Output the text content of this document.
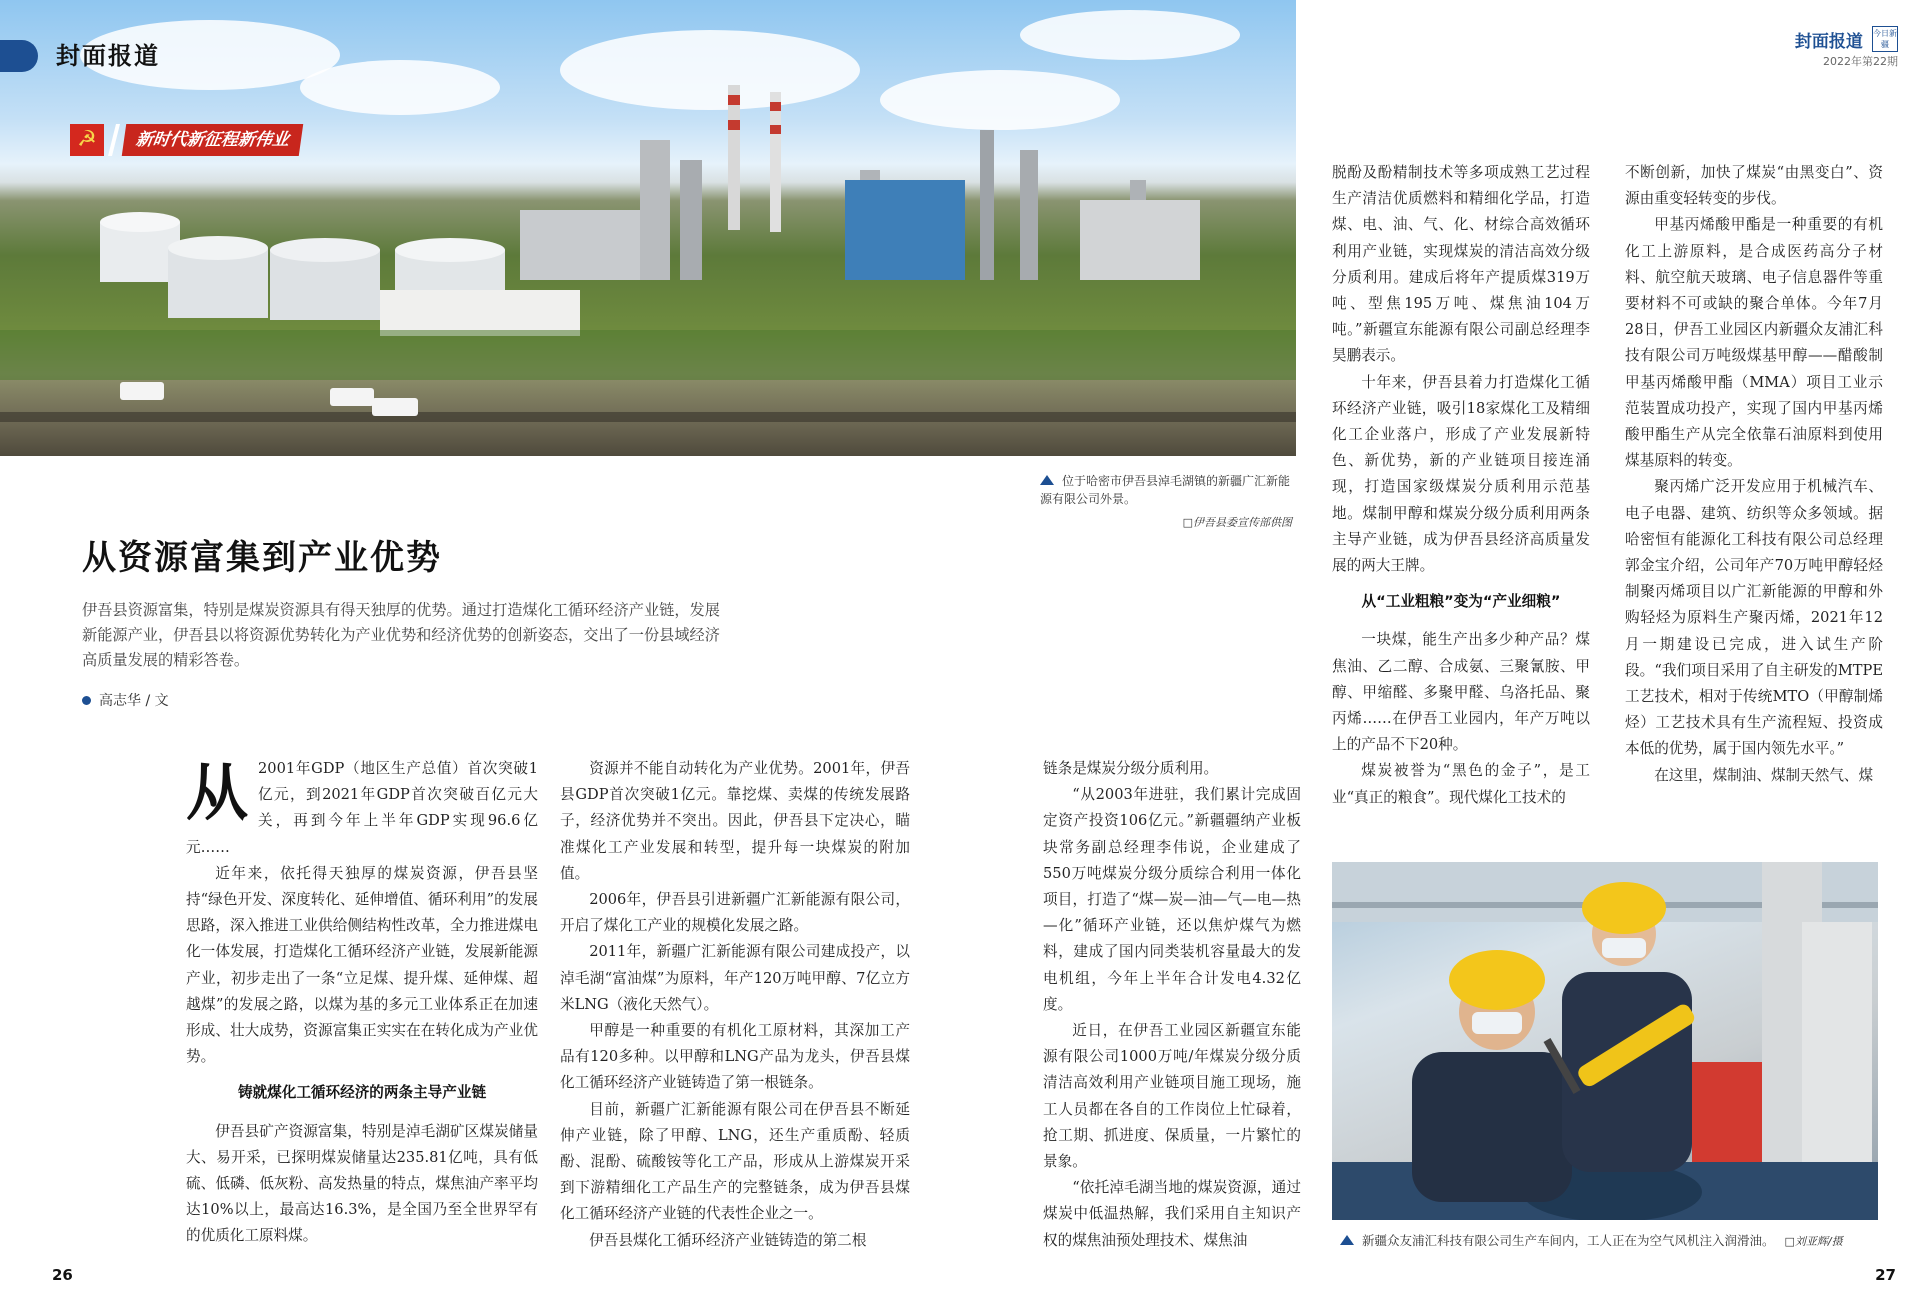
封面报道
封面报道 今日新疆
2022年第22期
☭	新时代新征程新伟业
位于哈密市伊吾县淖毛湖镇的新疆广汇新能源有限公司外景。
□伊吾县委宣传部供图
从资源富集到产业优势
伊吾县资源富集，特别是煤炭资源具有得天独厚的优势。通过打造煤化工循环经济产业链，发展新能源产业，伊吾县以将资源优势转化为产业优势和经济优势的创新姿态，交出了一份县域经济高质量发展的精彩答卷。
高志华 / 文
从 2001年GDP（地区生产总值）首次突破1亿元，到2021年GDP首次突破百亿元大关，再到今年上半年GDP实现96.6亿元……

近年来，依托得天独厚的煤炭资源，伊吾县坚持“绿色开发、深度转化、延伸增值、循环利用”的发展思路，深入推进工业供给侧结构性改革，全力推进煤电化一体发展，打造煤化工循环经济产业链，发展新能源产业，初步走出了一条“立足煤、提升煤、延伸煤、超越煤”的发展之路，以煤为基的多元工业体系正在加速形成、壮大成势，资源富集正实实在在转化成为产业优势。

铸就煤化工循环经济的两条主导产业链

伊吾县矿产资源富集，特别是淖毛湖矿区煤炭储量大、易开采，已探明煤炭储量达235.81亿吨，具有低硫、低磷、低灰粉、高发热量的特点，煤焦油产率平均达10%以上，最高达16.3%，是全国乃至全世界罕有的优质化工原料煤。

资源并不能自动转化为产业优势。2001年，伊吾县GDP首次突破1亿元。靠挖煤、卖煤的传统发展路子，经济优势并不突出。因此，伊吾县下定决心，瞄准煤化工产业发展和转型，提升每一块煤炭的附加值。

2006年，伊吾县引进新疆广汇新能源有限公司，开启了煤化工产业的规模化发展之路。

2011年，新疆广汇新能源有限公司建成投产，以淖毛湖“富油煤”为原料，年产120万吨甲醇、7亿立方米LNG（液化天然气）。

甲醇是一种重要的有机化工原材料，其深加工产品有120多种。以甲醇和LNG产品为龙头，伊吾县煤化工循环经济产业链铸造了第一根链条。

目前，新疆广汇新能源有限公司在伊吾县不断延伸产业链，除了甲醇、LNG，还生产重质酚、轻质酚、混酚、硫酸铵等化工产品，形成从上游煤炭开采到下游精细化工产品生产的完整链条，成为伊吾县煤化工循环经济产业链的代表性企业之一。

伊吾县煤化工循环经济产业链铸造的第二根

链条是煤炭分级分质利用。

“从2003年进驻，我们累计完成固定资产投资106亿元。”新疆疆纳产业板块常务副总经理李伟说，企业建成了550万吨煤炭分级分质综合利用一体化项目，打造了“煤—炭—油—气—电—热—化”循环产业链，还以焦炉煤气为燃料，建成了国内同类装机容量最大的发电机组，今年上半年合计发电4.32亿度。

近日，在伊吾工业园区新疆宣东能源有限公司1000万吨/年煤炭分级分质清洁高效利用产业链项目施工现场，施工人员都在各自的工作岗位上忙碌着，抢工期、抓进度、保质量，一片繁忙的景象。

“依托淖毛湖当地的煤炭资源，通过煤炭中低温热解，我们采用自主知识产权的煤焦油预处理技术、煤焦油

脱酚及酚精制技术等多项成熟工艺过程生产清洁优质燃料和精细化学品，打造煤、电、油、气、化、材综合高效循环利用产业链，实现煤炭的清洁高效分级分质利用。建成后将年产提质煤319万吨、型焦195万吨、煤焦油104万吨。”新疆宣东能源有限公司副总经理李昊鹏表示。

十年来，伊吾县着力打造煤化工循环经济产业链，吸引18家煤化工及精细化工企业落户，形成了产业发展新特色、新优势，新的产业链项目接连涌现，打造国家级煤炭分质利用示范基地。煤制甲醇和煤炭分级分质利用两条主导产业链，成为伊吾县经济高质量发展的两大王牌。

从“工业粗粮”变为“产业细粮”

一块煤，能生产出多少种产品？煤焦油、乙二醇、合成氨、三聚氰胺、甲醇、甲缩醛、多聚甲醛、乌洛托品、聚丙烯……在伊吾工业园内，年产万吨以上的产品不下20种。

煤炭被誉为“黑色的金子”，是工业“真正的粮食”。现代煤化工技术的

不断创新，加快了煤炭“由黑变白”、资源由重变轻转变的步伐。

甲基丙烯酸甲酯是一种重要的有机化工上游原料，是合成医药高分子材料、航空航天玻璃、电子信息器件等重要材料不可或缺的聚合单体。今年7月28日，伊吾工业园区内新疆众友浦汇科技有限公司万吨级煤基甲醇——醋酸制甲基丙烯酸甲酯（MMA）项目工业示范装置成功投产，实现了国内甲基丙烯酸甲酯生产从完全依靠石油原料到使用煤基原料的转变。

聚丙烯广泛开发应用于机械汽车、电子电器、建筑、纺织等众多领域。据哈密恒有能源化工科技有限公司总经理郭金宝介绍，公司年产70万吨甲醇轻烃制聚丙烯项目以广汇新能源的甲醇和外购轻烃为原料生产聚丙烯，2021年12月一期建设已完成，进入试生产阶段。“我们项目采用了自主研发的MTPE工艺技术，相对于传统MTO（甲醇制烯烃）工艺技术具有生产流程短、投资成本低的优势，属于国内领先水平。”

在这里，煤制油、煤制天然气、煤

新疆众友浦汇科技有限公司生产车间内，工人正在为空气风机注入润滑油。 □刘亚辉/摄
26	27
